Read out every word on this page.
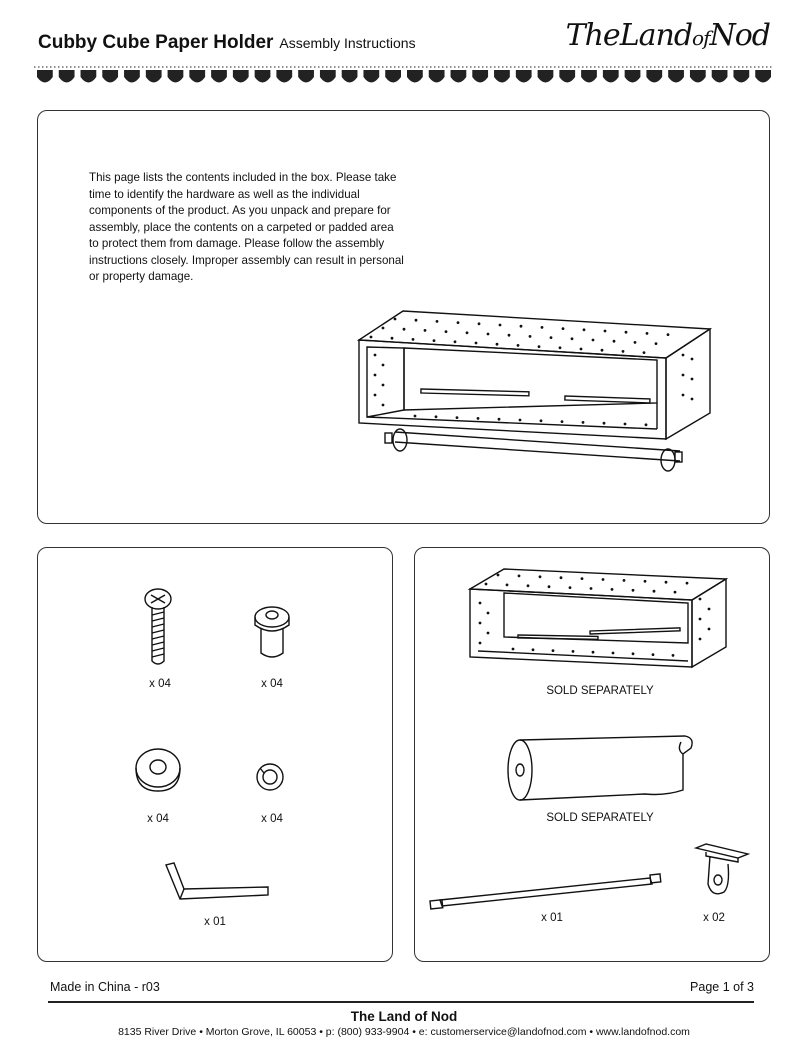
Cubby Cube Paper Holder Assembly Instructions	TheLandofNod
This page lists the contents included in the box. Please take time to identify the hardware as well as the individual components of the product. As you unpack and prepare for assembly, place the contents on a carpeted or padded area to protect them from damage. Please follow the assembly instructions closely. Improper assembly can result in personal or property damage.
x 04	x 04
x 04	x 04
x 01
SOLD SEPARATELY
SOLD SEPARATELY
x 01	x 02
Made in China - r03	Page 1 of 3
The Land of Nod
8135 River Drive • Morton Grove, IL 60053 • p: (800) 933-9904 • e: customerservice@landofnod.com • www.landofnod.com
